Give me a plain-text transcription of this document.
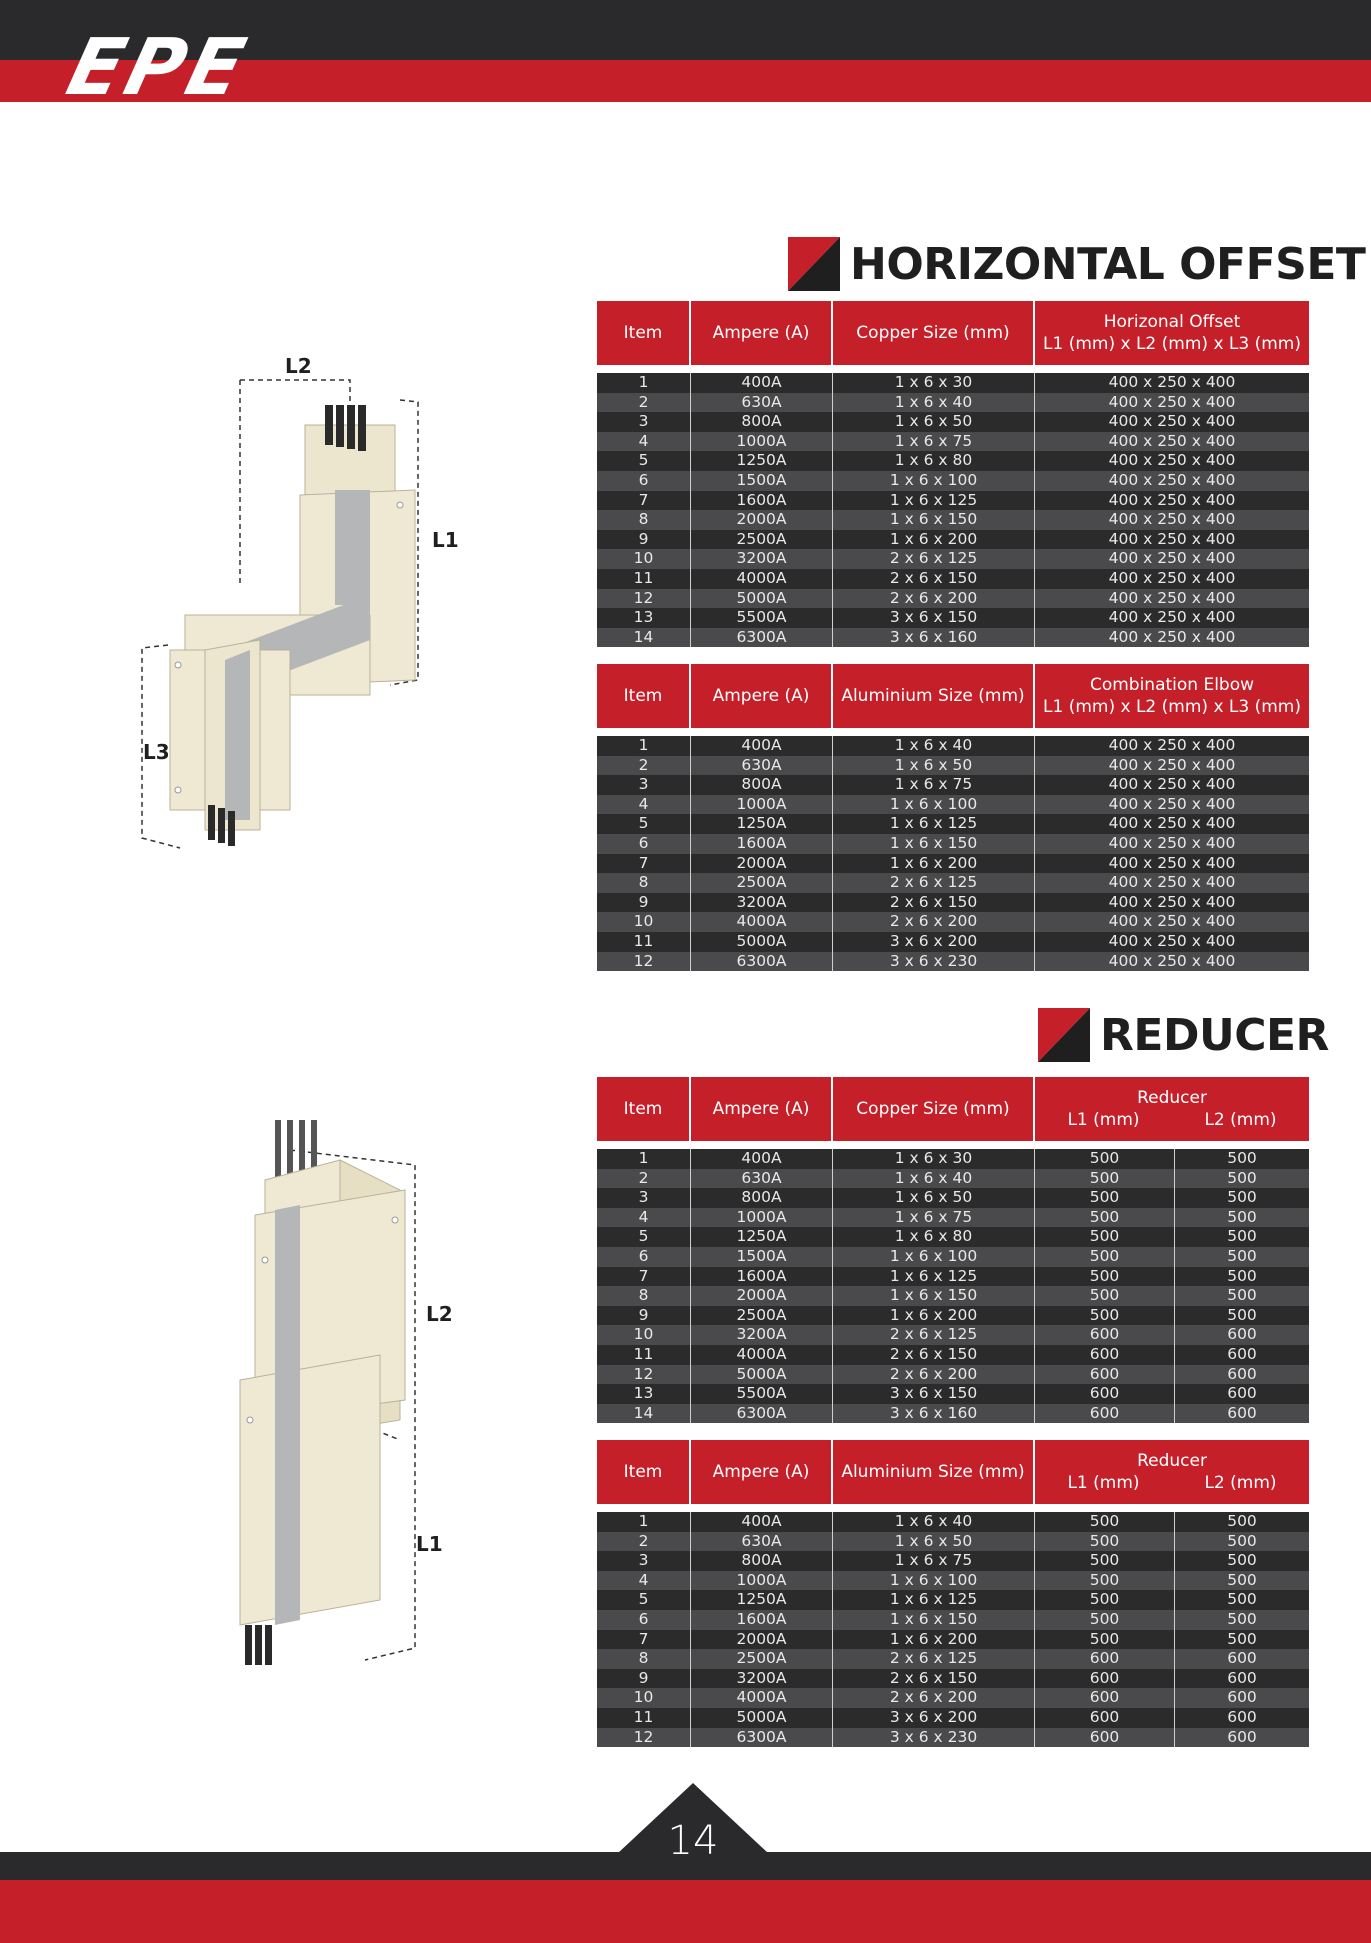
EPE
HORIZONTAL OFFSET
REDUCER
Item	Ampere (A)	Copper Size (mm)
Horizonal Offset
L1 (mm) x L2 (mm) x L3 (mm)
1	400A	1 x 6 x 30	400 x 250 x 400
2	630A	1 x 6 x 40	400 x 250 x 400
3	800A	1 x 6 x 50	400 x 250 x 400
4	1000A	1 x 6 x 75	400 x 250 x 400
5	1250A	1 x 6 x 80	400 x 250 x 400
6	1500A	1 x 6 x 100	400 x 250 x 400
7	1600A	1 x 6 x 125	400 x 250 x 400
8	2000A	1 x 6 x 150	400 x 250 x 400
9	2500A	1 x 6 x 200	400 x 250 x 400
10	3200A	2 x 6 x 125	400 x 250 x 400
11	4000A	2 x 6 x 150	400 x 250 x 400
12	5000A	2 x 6 x 200	400 x 250 x 400
13	5500A	3 x 6 x 150	400 x 250 x 400
14	6300A	3 x 6 x 160	400 x 250 x 400
Item	Ampere (A)	Aluminium Size (mm)
Combination Elbow
L1 (mm) x L2 (mm) x L3 (mm)
1	400A	1 x 6 x 40	400 x 250 x 400
2	630A	1 x 6 x 50	400 x 250 x 400
3	800A	1 x 6 x 75	400 x 250 x 400
4	1000A	1 x 6 x 100	400 x 250 x 400
5	1250A	1 x 6 x 125	400 x 250 x 400
6	1600A	1 x 6 x 150	400 x 250 x 400
7	2000A	1 x 6 x 200	400 x 250 x 400
8	2500A	2 x 6 x 125	400 x 250 x 400
9	3200A	2 x 6 x 150	400 x 250 x 400
10	4000A	2 x 6 x 200	400 x 250 x 400
11	5000A	3 x 6 x 200	400 x 250 x 400
12	6300A	3 x 6 x 230	400 x 250 x 400
Item	Ampere (A)	Copper Size (mm)
Reducer
L1 (mm)	L2 (mm)
1	400A	1 x 6 x 30	500	500
2	630A	1 x 6 x 40	500	500
3	800A	1 x 6 x 50	500	500
4	1000A	1 x 6 x 75	500	500
5	1250A	1 x 6 x 80	500	500
6	1500A	1 x 6 x 100	500	500
7	1600A	1 x 6 x 125	500	500
8	2000A	1 x 6 x 150	500	500
9	2500A	1 x 6 x 200	500	500
10	3200A	2 x 6 x 125	600	600
11	4000A	2 x 6 x 150	600	600
12	5000A	2 x 6 x 200	600	600
13	5500A	3 x 6 x 150	600	600
14	6300A	3 x 6 x 160	600	600
Item	Ampere (A)	Aluminium Size (mm)
Reducer
L1 (mm)	L2 (mm)
1	400A	1 x 6 x 40	500	500
2	630A	1 x 6 x 50	500	500
3	800A	1 x 6 x 75	500	500
4	1000A	1 x 6 x 100	500	500
5	1250A	1 x 6 x 125	500	500
6	1600A	1 x 6 x 150	500	500
7	2000A	1 x 6 x 200	500	500
8	2500A	2 x 6 x 125	600	600
9	3200A	2 x 6 x 150	600	600
10	4000A	2 x 6 x 200	600	600
11	5000A	3 x 6 x 200	600	600
12	6300A	3 x 6 x 230	600	600
L2
L1
L3
L2
L1
14
